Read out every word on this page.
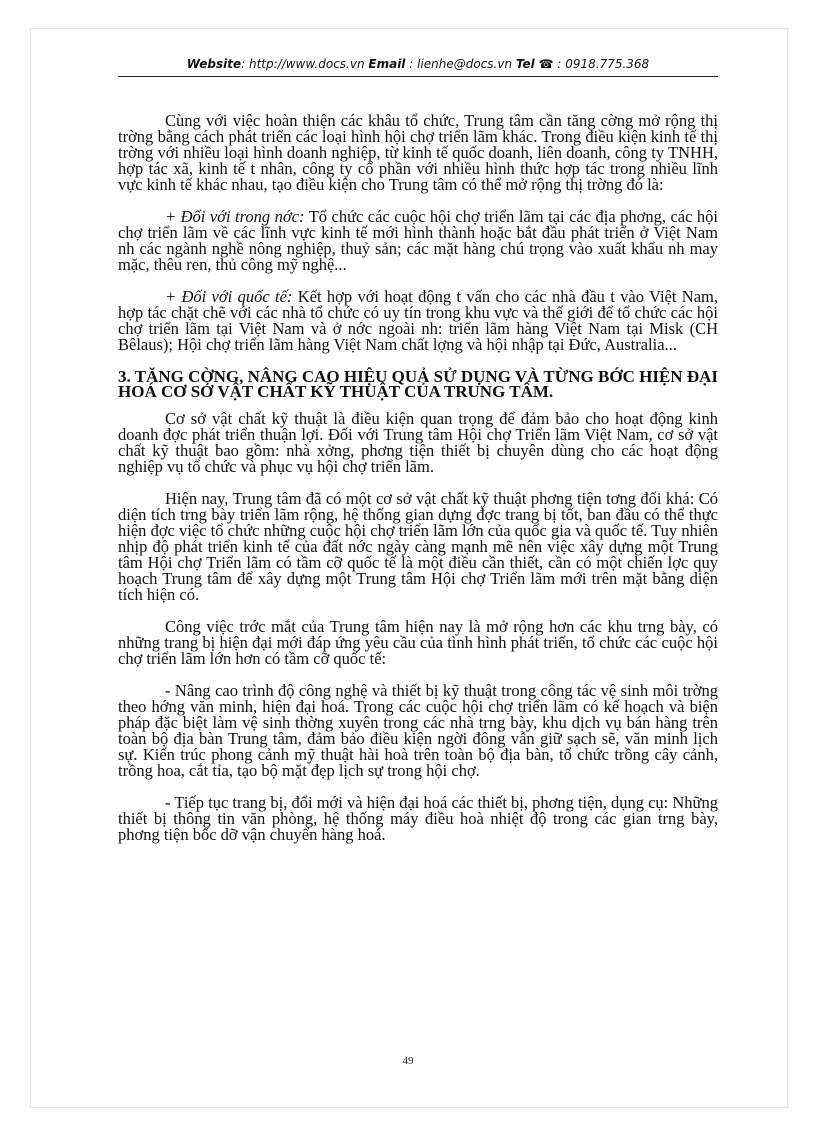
Website: http://www.docs.vn Email : lienhe@docs.vn Tel ☎ : 0918.775.368

Cùng với việc hoàn thiện các khâu tổ chức, Trung tâm cần tăng cờng mở rộng thị trờng bằng cách phát triển các loại hình hội chợ triển lãm khác. Trong điều kiện kinh tế thị trờng với nhiều loại hình doanh nghiệp, từ kinh tế quốc doanh, liên doanh, công ty TNHH, hợp tác xã, kinh tế t nhân, công ty cổ phần với nhiều hình thức hợp tác trong nhiều lĩnh vực kinh tế khác nhau, tạo điều kiện cho Trung tâm có thể mở rộng thị trờng đó là:

+ Đối với trong nớc: Tổ chức các cuộc hội chợ triển lãm tại các địa phơng, các hội chợ triển lãm về các lĩnh vực kinh tế mới hình thành hoặc bắt đầu phát triển ở Việt Nam nh các ngành nghề nông nghiệp, thuỷ sản; các mặt hàng chú trọng vào xuất khẩu nh may mặc, thêu ren, thủ công mỹ nghệ...

+ Đối với quốc tế: Kết hợp với hoạt động t vấn cho các nhà đầu t vào Việt Nam, hợp tác chặt chẽ với các nhà tổ chức có uy tín trong khu vực và thế giới để tổ chức các hội chợ triển lãm tại Việt Nam và ở nớc ngoài nh: triển lãm hàng Việt Nam tại Misk (CH Bêlaus); Hội chợ triển lãm hàng Việt Nam chất lợng và hội nhập tại Đức, Australia...

3. TĂNG CỜNG, NÂNG CAO HIỆU QUẢ SỬ DỤNG VÀ TỪNG BỚC HIỆN ĐẠI HOÁ CƠ SỞ VẬT CHẤT KỸ THUẬT CỦA TRUNG TÂM.

Cơ sở vật chất kỹ thuật là điều kiện quan trọng để đảm bảo cho hoạt động kinh doanh đợc phát triển thuận lợi. Đối với Trung tâm Hội chợ Triển lãm Việt Nam, cơ sở vật chất kỹ thuật bao gồm: nhà xởng, phơng tiện thiết bị chuyên dùng cho các hoạt động nghiệp vụ tổ chức và phục vụ hội chợ triển lãm.

Hiện nay, Trung tâm đã có một cơ sở vật chất kỹ thuật phơng tiện tơng đối khá: Có diện tích trng bày triển lãm rộng, hệ thống gian dựng đợc trang bị tốt, ban đầu có thể thực hiện đợc việc tổ chức những cuộc hội chợ triển lãm lớn của quốc gia và quốc tế. Tuy nhiên nhịp độ phát triển kinh tế của đất nớc ngày càng mạnh mẽ nên việc xây dựng một Trung tâm Hội chợ Triển lãm có tầm cỡ quốc tế là một điều cần thiết, cần có một chiến lợc quy hoạch Trung tâm để xây dựng một Trung tâm Hội chợ Triển lãm mới trên mặt bằng diện tích hiện có.

Công việc trớc mắt của Trung tâm hiện nay là mở rộng hơn các khu trng bày, có những trang bị hiện đại mới đáp ứng yêu cầu của tình hình phát triển, tổ chức các cuộc hội chợ triển lãm lớn hơn có tầm cỡ quốc tế:

- Nâng cao trình độ công nghệ và thiết bị kỹ thuật trong công tác vệ sinh môi trờng theo hớng văn minh, hiện đại hoá. Trong các cuộc hội chợ triển lãm có kế hoạch và biện pháp đặc biệt làm vệ sinh thờng xuyên trong các nhà trng bày, khu dịch vụ bán hàng trên toàn bộ địa bàn Trung tâm, đảm bảo điều kiện ngời đông vẫn giữ sạch sẽ, văn minh lịch sự. Kiến trúc phong cảnh mỹ thuật hài hoà trên toàn bộ địa bàn, tổ chức trồng cây cảnh, trồng hoa, cắt tỉa, tạo bộ mặt đẹp lịch sự trong hội chợ.

- Tiếp tục trang bị, đổi mới và hiện đại hoá các thiết bị, phơng tiện, dụng cụ: Những thiết bị thông tin văn phòng, hệ thống máy điều hoà nhiệt độ trong các gian trng bày, phơng tiện bốc dỡ vận chuyển hàng hoá.

49
